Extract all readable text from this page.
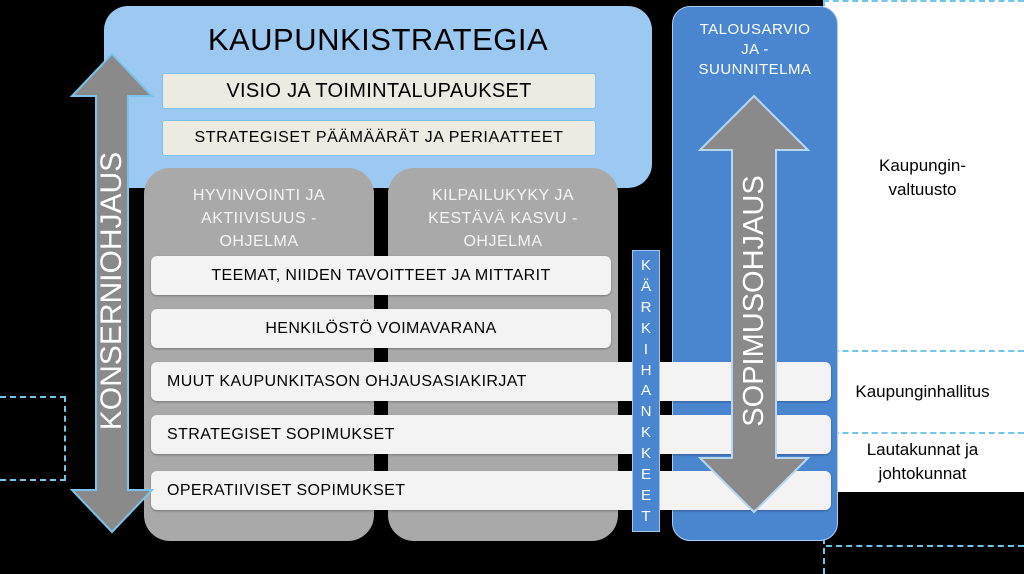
Kaupungin-
valtuusto
Kaupunginhallitus
Lautakunnat ja
johtokunnat
KAUPUNKISTRATEGIA
VISIO JA TOIMINTALUPAUKSET
STRATEGISET PÄÄMÄÄRÄT JA PERIAATTEET
HYVINVOINTI JA
AKTIIVISUUS -
OHJELMA
KILPAILUKYKY JA
KESTÄVÄ KASVU -
OHJELMA
TALOUSARVIO
JA -
SUUNNITELMA
TEEMAT, NIIDEN TAVOITTEET JA MITTARIT
HENKILÖSTÖ VOIMAVARANA
MUUT KAUPUNKITASON OHJAUSASIAKIRJAT
STRATEGISET SOPIMUKSET
OPERATIIVISET SOPIMUKSET
K
Ä
R
K
I
H
A
N
K
K
E
E
T
KONSERNIOHJAUS	SOPIMUSOHJAUS
